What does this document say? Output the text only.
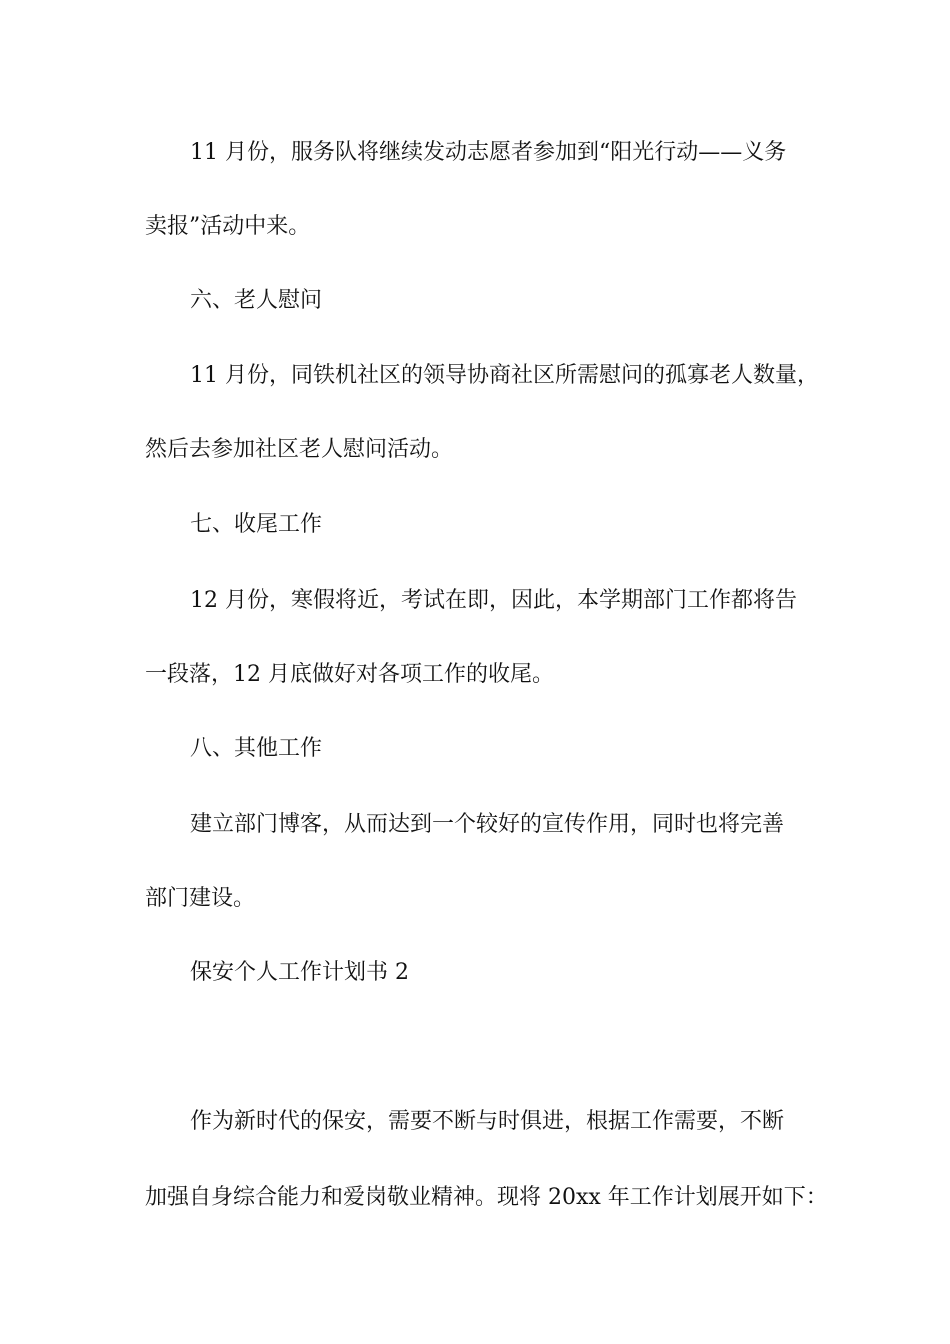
11 月份，服务队将继续发动志愿者参加到“阳光行动——义务
卖报”活动中来。
六、老人慰问
11 月份，同铁机社区的领导协商社区所需慰问的孤寡老人数量，
然后去参加社区老人慰问活动。
七、收尾工作
12 月份，寒假将近，考试在即，因此，本学期部门工作都将告
一段落，12 月底做好对各项工作的收尾。
八、其他工作
建立部门博客，从而达到一个较好的宣传作用，同时也将完善
部门建设。
保安个人工作计划书 2
作为新时代的保安，需要不断与时俱进，根据工作需要，不断
加强自身综合能力和爱岗敬业精神。现将 20xx 年工作计划展开如下：
